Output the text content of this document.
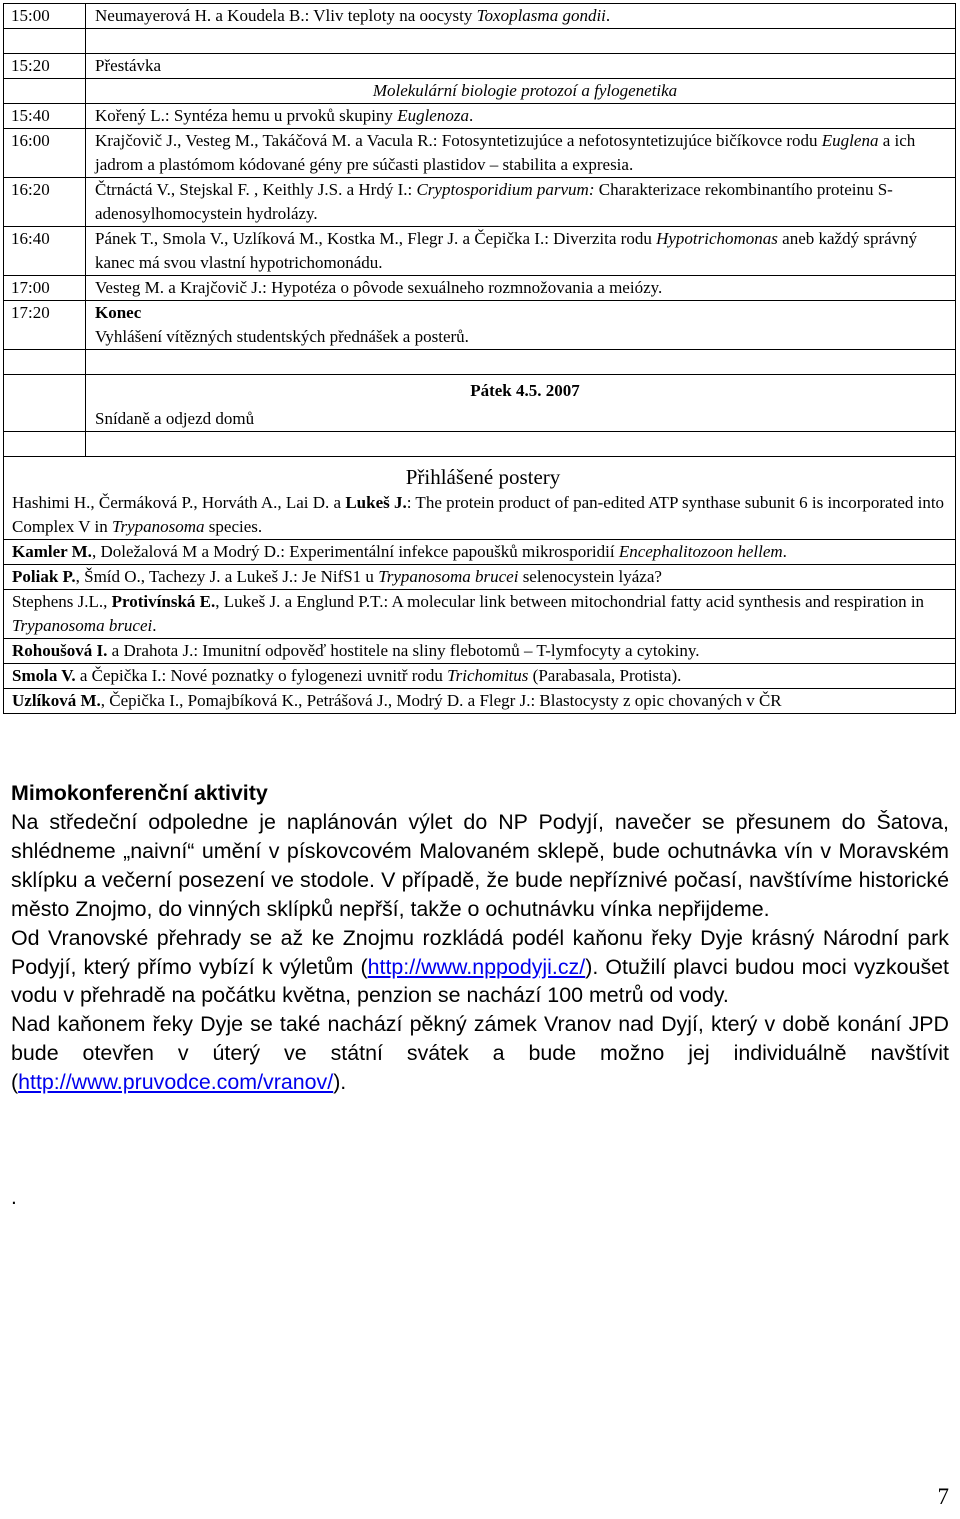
15:00	Neumayerová H. a Koudela B.: Vliv teploty na oocysty Toxoplasma gondii.

15:20	Přestávka
	Molekulární biologie protozoí a fylogenetika
15:40	Kořený L.: Syntéza hemu u prvoků skupiny Euglenoza.
16:00	Krajčovič J., Vesteg M., Takáčová M. a Vacula R.: Fotosyntetizujúce a nefotosyntetizujúce bičíkovce rodu Euglena a ich jadrom a plastómom kódované gény pre súčasti plastidov – stabilita a expresia.
16:20	Čtrnáctá V., Stejskal F. , Keithly J.S. a Hrdý I.: Cryptosporidium parvum: Charakterizace rekombinantího proteinu S-adenosylhomocystein hydrolázy.
16:40	Pánek T., Smola V., Uzlíková M., Kostka M., Flegr J. a Čepička I.: Diverzita rodu Hypotrichomonas aneb každý správný kanec má svou vlastní hypotrichomonádu.
17:00	Vesteg M. a Krajčovič J.: Hypotéza o pôvode sexuálneho rozmnožovania a meiózy.
17:20	Konec
Vyhlášení vítězných studentských přednášek a posterů.

	Pátek 4.5. 2007
Snídaně a odjezd domů

Přihlášené postery	
Hashimi H., Čermáková P., Horváth A., Lai D. a Lukeš J.: The protein product of pan-edited ATP synthase subunit 6 is incorporated into Complex V in Trypanosoma species.	
Kamler M., Doležalová M a Modrý D.: Experimentální infekce papoušků mikrosporidií Encephalitozoon hellem.	
Poliak P., Šmíd O., Tachezy J. a Lukeš J.: Je NifS1 u Trypanosoma brucei selenocystein lyáza?	
Stephens J.L., Protivínská E., Lukeš J. a Englund P.T.: A molecular link between mitochondrial fatty acid synthesis and respiration in Trypanosoma brucei.	
Rohoušová I. a Drahota J.: Imunitní odpověď hostitele na sliny flebotomů – T-lymfocyty a cytokiny.	
Smola V. a Čepička I.: Nové poznatky o fylogenezi uvnitř rodu Trichomitus (Parabasala, Protista).	
Uzlíková M., Čepička I., Pomajbíková K., Petrášová J., Modrý D. a Flegr J.: Blastocysty z opic chovaných v ČR	
Mimokonferenční aktivity

Na středeční odpoledne je naplánován výlet do NP Podyjí, navečer se přesunem do Šatova, shlédneme „naivní“ umění v pískovcovém Malovaném sklepě, bude ochutnávka vín v Moravském sklípku a večerní posezení ve stodole. V případě, že bude nepříznivé počasí, navštívíme historické město Znojmo, do vinných sklípků nepřší, takže o ochutnávku vínka nepřijdeme.

Od Vranovské přehrady se až ke Znojmu rozkládá podél kaňonu řeky Dyje krásný Národní park Podyjí, který přímo vybízí k výletům (http://www.nppodyji.cz/). Otužilí plavci budou moci vyzkoušet vodu v přehradě na počátku května, penzion se nachází 100 metrů od vody.

Nad kaňonem řeky Dyje se také nachází pěkný zámek Vranov nad Dyjí, který v době konání JPD bude otevřen v úterý ve státní svátek a bude možno jej individuálně navštívit (http://www.pruvodce.com/vranov/).

.
7
